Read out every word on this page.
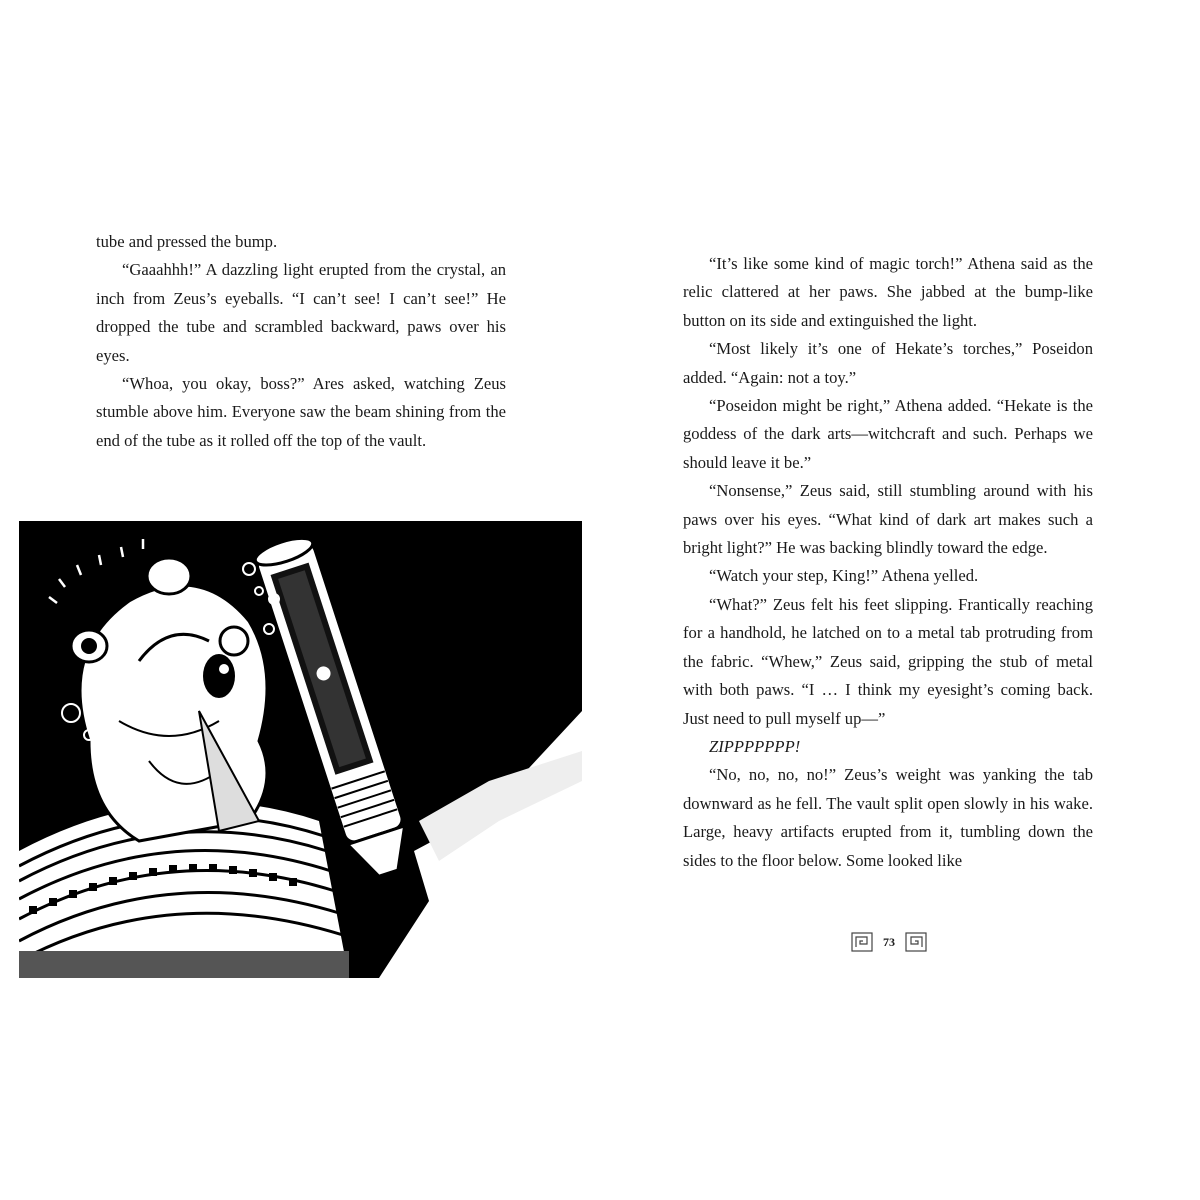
tube and pressed the bump.

“Gaaahhh!” A dazzling light erupted from the crystal, an inch from Zeus’s eyeballs. “I can’t see! I can’t see!” He dropped the tube and scrambled backward, paws over his eyes.

“Whoa, you okay, boss?” Ares asked, watching Zeus stumble above him. Everyone saw the beam shining from the end of the tube as it rolled off the top of the vault.

“It’s like some kind of magic torch!” Athena said as the relic clattered at her paws. She jabbed at the bump-like button on its side and extinguished the light.

“Most likely it’s one of Hekate’s torches,” Poseidon added. “Again: not a toy.”

“Poseidon might be right,” Athena added. “Hekate is the goddess of the dark arts—witchcraft and such. Perhaps we should leave it be.”

“Nonsense,” Zeus said, still stumbling around with his paws over his eyes. “What kind of dark art makes such a bright light?” He was backing blindly toward the edge.

“Watch your step, King!” Athena yelled.

“What?” Zeus felt his feet slipping. Frantically reaching for a handhold, he latched on to a metal tab protruding from the fabric. “Whew,” Zeus said, gripping the stub of metal with both paws. “I … I think my eyesight’s coming back. Just need to pull myself up—”

ZIPPPPPPP!

“No, no, no, no!” Zeus’s weight was yanking the tab downward as he fell. The vault split open slowly in his wake. Large, heavy artifacts erupted from it, tumbling down the sides to the floor below. Some looked like

73
